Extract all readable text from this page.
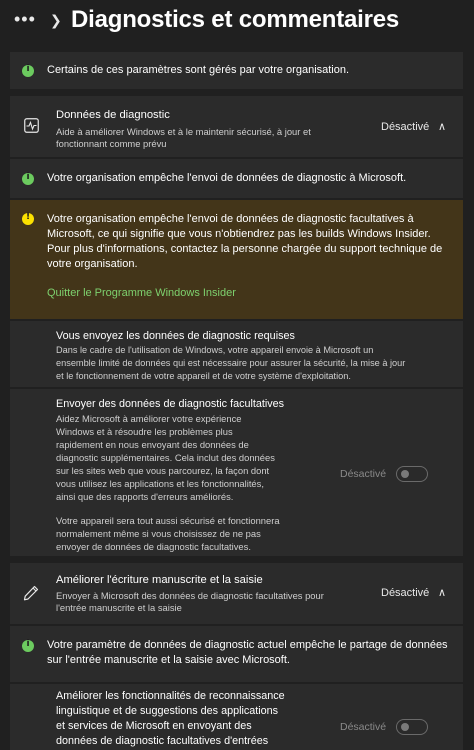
••• ❯ Diagnostics et commentaires
i
Certains de ces paramètres sont gérés par votre organisation.
Données de diagnostic
Aide à améliorer Windows et à le maintenir sécurisé, à jour et
fonctionnant comme prévu
Désactivé ∧
i
Votre organisation empêche l'envoi de données de diagnostic à Microsoft.
!
Votre organisation empêche l'envoi de données de diagnostic facultatives à
Microsoft, ce qui signifie que vous n'obtiendrez pas les builds Windows Insider.
Pour plus d'informations, contactez la personne chargée du support technique de
votre organisation.
Quitter le Programme Windows Insider
Vous envoyez les données de diagnostic requises
Dans le cadre de l'utilisation de Windows, votre appareil envoie à Microsoft un
ensemble limité de données qui est nécessaire pour assurer la sécurité, la mise à jour
et le fonctionnement de votre appareil et de votre système d'exploitation.
Envoyer des données de diagnostic facultatives
Aidez Microsoft à améliorer votre expérience
Windows et à résoudre les problèmes plus
rapidement en nous envoyant des données de
diagnostic supplémentaires. Cela inclut des données
sur les sites web que vous parcourez, la façon dont
vous utilisez les applications et les fonctionnalités,
ainsi que des rapports d'erreurs améliorés.
Votre appareil sera tout aussi sécurisé et fonctionnera
normalement même si vous choisissez de ne pas
envoyer de données de diagnostic facultatives.
Désactivé
Améliorer l'écriture manuscrite et la saisie
Envoyer à Microsoft des données de diagnostic facultatives pour
l'entrée manuscrite et la saisie
Désactivé ∧
i
Votre paramètre de données de diagnostic actuel empêche le partage de données
sur l'entrée manuscrite et la saisie avec Microsoft.
Améliorer les fonctionnalités de reconnaissance
linguistique et de suggestions des applications
et services de Microsoft en envoyant des
données de diagnostic facultatives d'entrées
Désactivé
